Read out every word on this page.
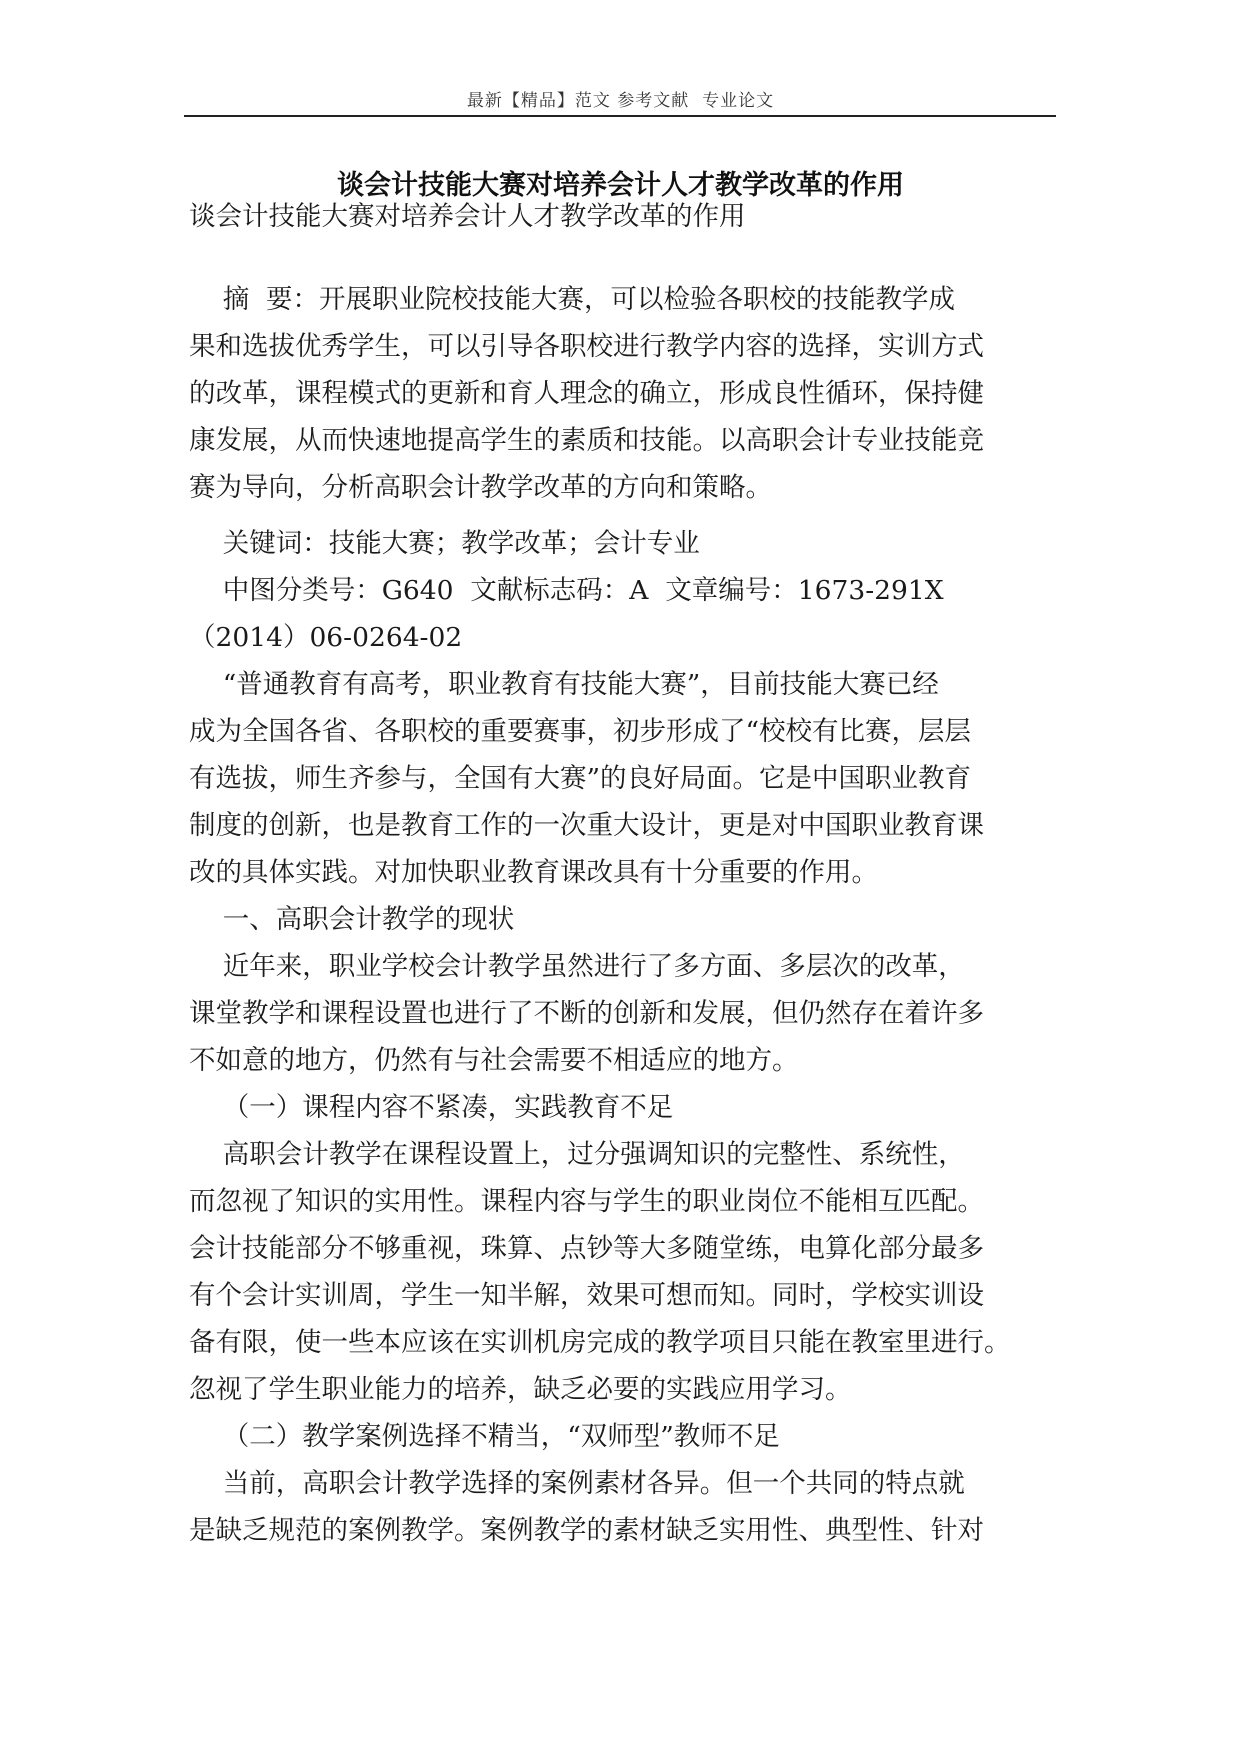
最新【精品】范文 参考文献  专业论文
谈会计技能大赛对培养会计人才教学改革的作用
谈会计技能大赛对培养会计人才教学改革的作用
摘  要：开展职业院校技能大赛，可以检验各职校的技能教学成
果和选拔优秀学生，可以引导各职校进行教学内容的选择，实训方式
的改革，课程模式的更新和育人理念的确立，形成良性循环，保持健
康发展，从而快速地提高学生的素质和技能。以高职会计专业技能竞
赛为导向，分析高职会计教学改革的方向和策略。
关键词：技能大赛；教学改革；会计专业
中图分类号：G640  文献标志码：A  文章编号：1673-291X
（2014）06-0264-02
“普通教育有高考，职业教育有技能大赛”，目前技能大赛已经
成为全国各省、各职校的重要赛事，初步形成了“校校有比赛，层层
有选拔，师生齐参与，全国有大赛”的良好局面。它是中国职业教育
制度的创新，也是教育工作的一次重大设计，更是对中国职业教育课
改的具体实践。对加快职业教育课改具有十分重要的作用。
一、高职会计教学的现状
近年来，职业学校会计教学虽然进行了多方面、多层次的改革，
课堂教学和课程设置也进行了不断的创新和发展，但仍然存在着许多
不如意的地方，仍然有与社会需要不相适应的地方。
（一）课程内容不紧凑，实践教育不足
高职会计教学在课程设置上，过分强调知识的完整性、系统性，
而忽视了知识的实用性。课程内容与学生的职业岗位不能相互匹配。
会计技能部分不够重视，珠算、点钞等大多随堂练，电算化部分最多
有个会计实训周，学生一知半解，效果可想而知。同时，学校实训设
备有限，使一些本应该在实训机房完成的教学项目只能在教室里进行。
忽视了学生职业能力的培养，缺乏必要的实践应用学习。
（二）教学案例选择不精当，“双师型”教师不足
当前，高职会计教学选择的案例素材各异。但一个共同的特点就
是缺乏规范的案例教学。案例教学的素材缺乏实用性、典型性、针对
